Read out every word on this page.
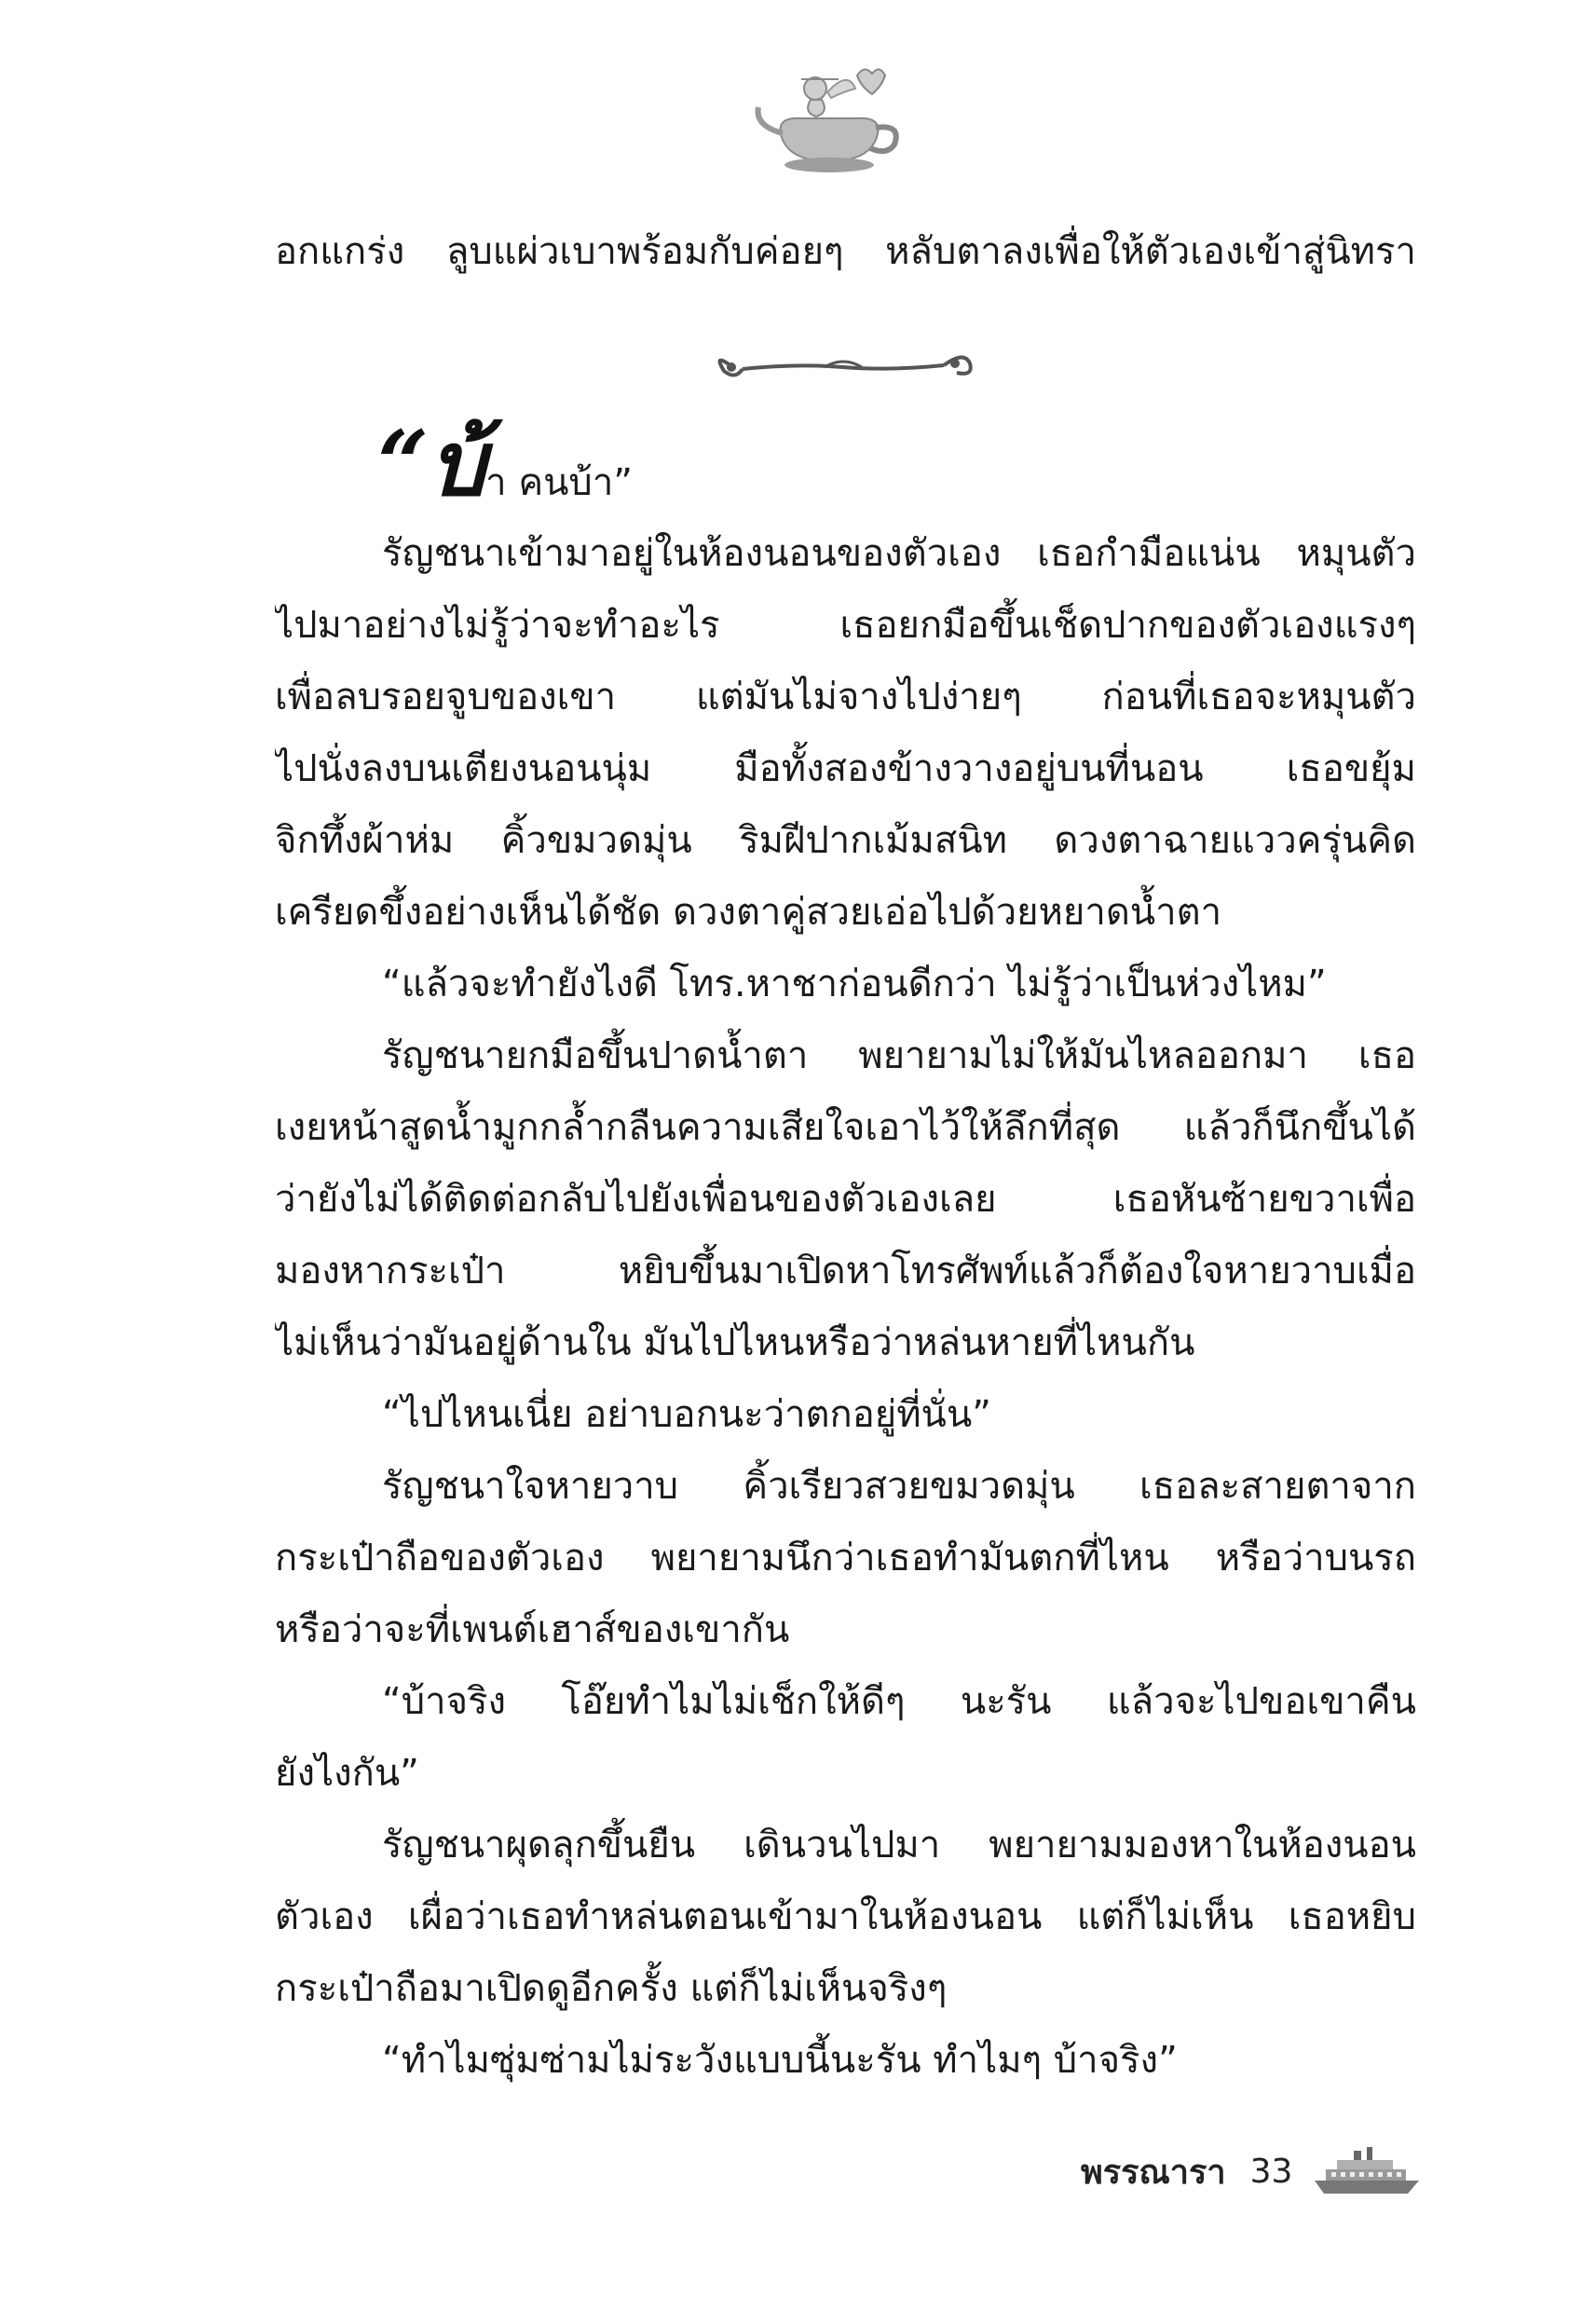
อกแกร่ง ลูบแผ่วเบาพร้อมกับค่อยๆ หลับตาลงเพื่อให้ตัวเองเข้าสู่นิทรา
“บ้า คนบ้า”
รัญชนาเข้ามาอยู่ในห้องนอนของตัวเอง เธอกำมือแน่น หมุนตัว
ไปมาอย่างไม่รู้ว่าจะทำอะไร เธอยกมือขึ้นเช็ดปากของตัวเองแรงๆ
เพื่อลบรอยจูบของเขา แต่มันไม่จางไปง่ายๆ ก่อนที่เธอจะหมุนตัว
ไปนั่งลงบนเตียงนอนนุ่ม มือทั้งสองข้างวางอยู่บนที่นอน เธอขยุ้ม
จิกทึ้งผ้าห่ม คิ้วขมวดมุ่น ริมฝีปากเม้มสนิท ดวงตาฉายแววครุ่นคิด
เครียดขึ้งอย่างเห็นได้ชัด ดวงตาคู่สวยเอ่อไปด้วยหยาดน้ำตา
“แล้วจะทำยังไงดี โทร.หาชาก่อนดีกว่า ไม่รู้ว่าเป็นห่วงไหม”
รัญชนายกมือขึ้นปาดน้ำตา พยายามไม่ให้มันไหลออกมา เธอ
เงยหน้าสูดน้ำมูกกล้ำกลืนความเสียใจเอาไว้ให้ลึกที่สุด แล้วก็นึกขึ้นได้
ว่ายังไม่ได้ติดต่อกลับไปยังเพื่อนของตัวเองเลย เธอหันซ้ายขวาเพื่อ
มองหากระเป๋า หยิบขึ้นมาเปิดหาโทรศัพท์แล้วก็ต้องใจหายวาบเมื่อ
ไม่เห็นว่ามันอยู่ด้านใน มันไปไหนหรือว่าหล่นหายที่ไหนกัน
“ไปไหนเนี่ย อย่าบอกนะว่าตกอยู่ที่นั่น”
รัญชนาใจหายวาบ คิ้วเรียวสวยขมวดมุ่น เธอละสายตาจาก
กระเป๋าถือของตัวเอง พยายามนึกว่าเธอทำมันตกที่ไหน หรือว่าบนรถ
หรือว่าจะที่เพนต์เฮาส์ของเขากัน
“บ้าจริง โอ๊ยทำไมไม่เช็กให้ดีๆ นะรัน แล้วจะไปขอเขาคืน
ยังไงกัน”
รัญชนาผุดลุกขึ้นยืน เดินวนไปมา พยายามมองหาในห้องนอน
ตัวเอง เผื่อว่าเธอทำหล่นตอนเข้ามาในห้องนอน แต่ก็ไม่เห็น เธอหยิบ
กระเป๋าถือมาเปิดดูอีกครั้ง แต่ก็ไม่เห็นจริงๆ
“ทำไมซุ่มซ่ามไม่ระวังแบบนี้นะรัน ทำไมๆ บ้าจริง”
พรรณารา 33
